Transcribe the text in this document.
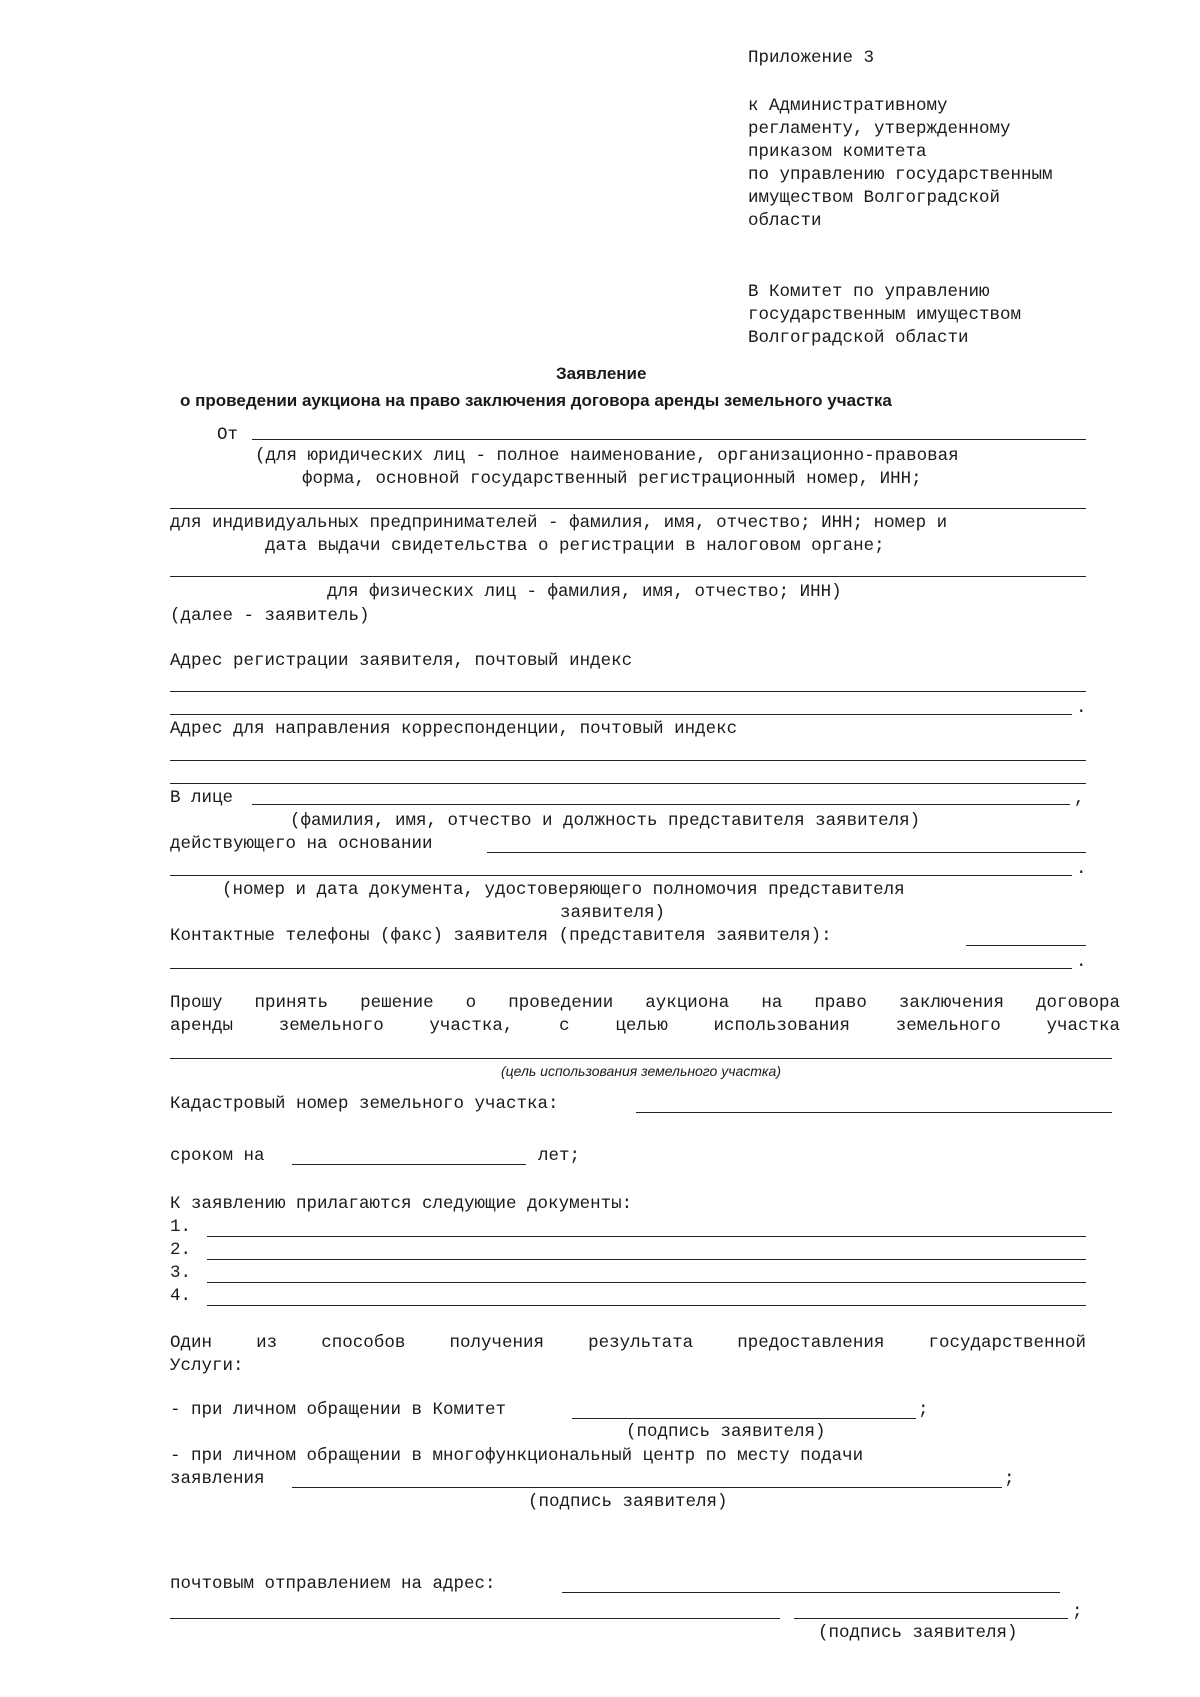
Приложение 3
к Административному
регламенту, утвержденному
приказом комитета
по управлению государственным
имуществом Волгоградской
области
В Комитет по управлению
государственным имуществом
Волгоградской области
Заявление
о проведении аукциона на право заключения договора аренды земельного участка
От
(для юридических лиц - полное наименование, организационно-правовая
форма, основной государственный регистрационный номер, ИНН;
для индивидуальных предпринимателей - фамилия, имя, отчество; ИНН; номер и
дата выдачи свидетельства о регистрации в налоговом органе;
для физических лиц - фамилия, имя, отчество; ИНН)
(далее - заявитель)
Адрес регистрации заявителя, почтовый индекс
.
Адрес для направления корреспонденции, почтовый индекс
В лице	,
(фамилия, имя, отчество и должность представителя заявителя)
действующего на основании
.
(номер и дата документа, удостоверяющего полномочия представителя
заявителя)
Контактные телефоны (факс) заявителя (представителя заявителя):
.
Прошу принять решение о проведении аукциона на право заключения договора
аренды земельного участка, с целью использования земельного участка
(цель использования земельного участка)
Кадастровый номер земельного участка:
сроком на	лет;
К заявлению прилагаются следующие документы:
1.
2.
3.
4.
Один из способов получения результата предоставления государственной
Услуги:
- при личном обращении в Комитет	;
(подпись заявителя)
- при личном обращении в многофункциональный центр по месту подачи
заявления	;
(подпись заявителя)
почтовым отправлением на адрес:
;
(подпись заявителя)
